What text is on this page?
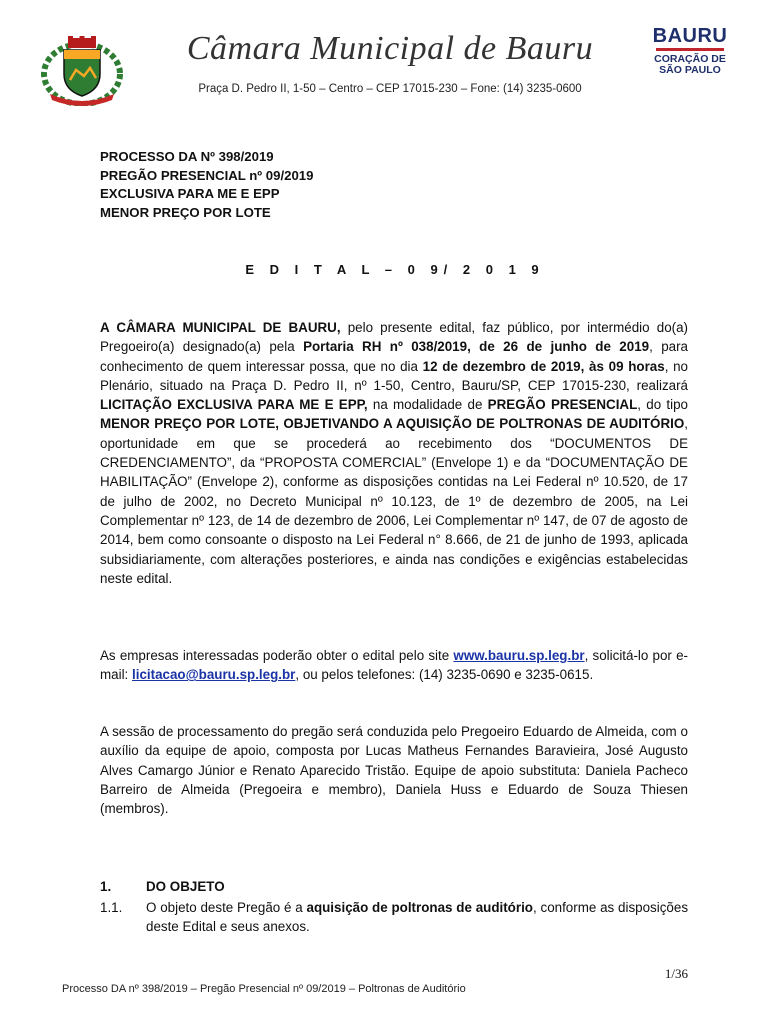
Câmara Municipal de Bauru
Praça D. Pedro II, 1-50 – Centro – CEP 17015-230 – Fone: (14) 3235-0600
BAURU
CORAÇÃO DE
SÃO PAULO
PROCESSO DA Nº 398/2019
PREGÃO PRESENCIAL nº 09/2019
EXCLUSIVA PARA ME E EPP
MENOR PREÇO POR LOTE
E D I T A L – 0 9/ 2 0 1 9
A CÂMARA MUNICIPAL DE BAURU, pelo presente edital, faz público, por intermédio do(a) Pregoeiro(a) designado(a) pela Portaria RH nº 038/2019, de 26 de junho de 2019, para conhecimento de quem interessar possa, que no dia 12 de dezembro de 2019, às 09 horas, no Plenário, situado na Praça D. Pedro II, nº 1-50, Centro, Bauru/SP, CEP 17015-230, realizará LICITAÇÃO EXCLUSIVA PARA ME E EPP, na modalidade de PREGÃO PRESENCIAL, do tipo MENOR PREÇO POR LOTE, OBJETIVANDO A AQUISIÇÃO DE POLTRONAS DE AUDITÓRIO, oportunidade em que se procederá ao recebimento dos “DOCUMENTOS DE CREDENCIAMENTO”, da “PROPOSTA COMERCIAL” (Envelope 1) e da “DOCUMENTAÇÃO DE HABILITAÇÃO” (Envelope 2), conforme as disposições contidas na Lei Federal nº 10.520, de 17 de julho de 2002, no Decreto Municipal nº 10.123, de 1º de dezembro de 2005, na Lei Complementar nº 123, de 14 de dezembro de 2006, Lei Complementar nº 147, de 07 de agosto de 2014, bem como consoante o disposto na Lei Federal n° 8.666, de 21 de junho de 1993, aplicada subsidiariamente, com alterações posteriores, e ainda nas condições e exigências estabelecidas neste edital.
As empresas interessadas poderão obter o edital pelo site www.bauru.sp.leg.br, solicitá-lo por e-mail: licitacao@bauru.sp.leg.br, ou pelos telefones: (14) 3235-0690 e 3235-0615.
A sessão de processamento do pregão será conduzida pelo Pregoeiro Eduardo de Almeida, com o auxílio da equipe de apoio, composta por Lucas Matheus Fernandes Baravieira, José Augusto Alves Camargo Júnior e Renato Aparecido Tristão. Equipe de apoio substituta: Daniela Pacheco Barreiro de Almeida (Pregoeira e membro), Daniela Huss e Eduardo de Souza Thiesen (membros).
1.	DO OBJETO
1.1. O objeto deste Pregão é a aquisição de poltronas de auditório, conforme as disposições deste Edital e seus anexos.
1/36
Processo DA nº 398/2019 – Pregão Presencial nº 09/2019 – Poltronas de Auditório
